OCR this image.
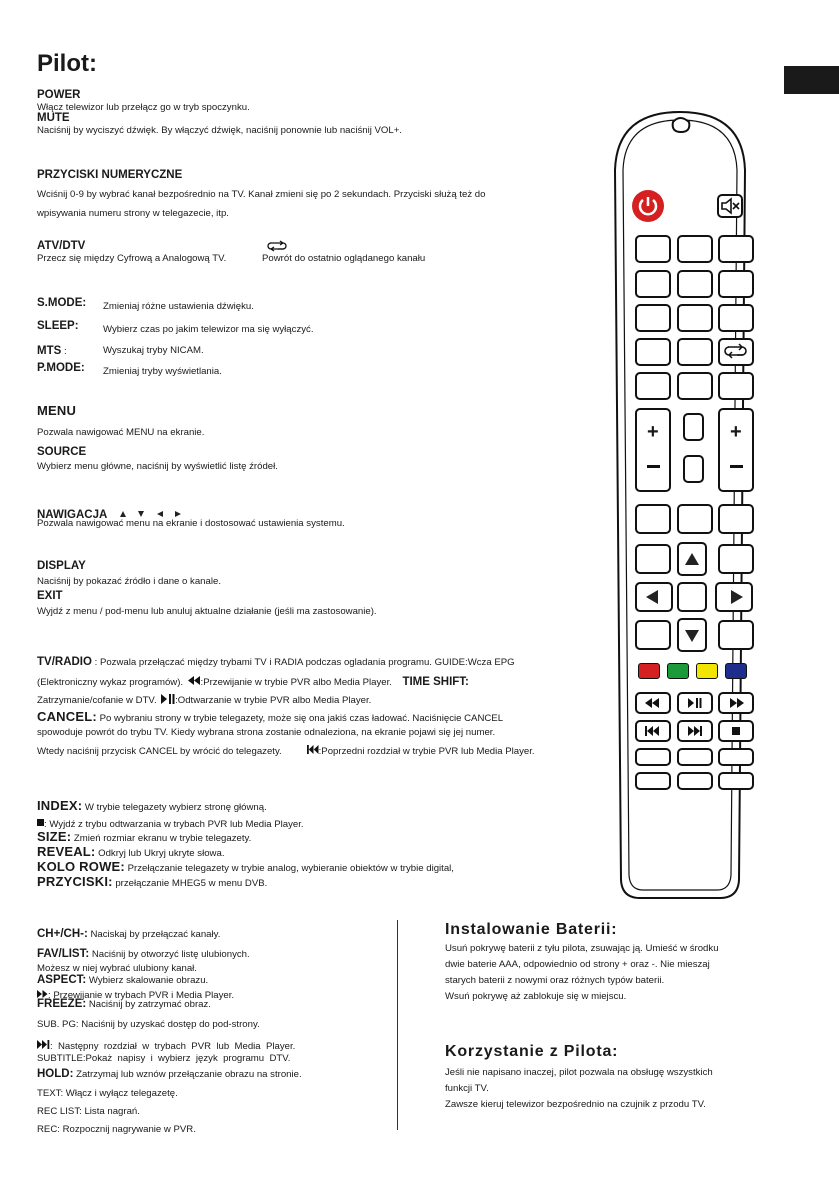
Pilot:
POWER
Włącz telewizor lub przełącz go w tryb spoczynku.
MUTE
Naciśnij by wyciszyć dźwięk. By włączyć dźwięk, naciśnij ponownie lub naciśnij VOL+.
PRZYCISKI NUMERYCZNE
Wciśnij 0-9 by wybrać kanał bezpośrednio na TV. Kanał zmieni się po 2 sekundach. Przyciski służą też do
wpisywania numeru strony w telegazecie, itp.
ATV/DTV
Przecz się między Cyfrową a Analogową TV.	Powrót do ostatnio oglądanego kanału
S.MODE: Zmieniaj różne ustawienia dźwięku.
SLEEP:	Wybierz czas po jakim telewizor ma się wyłączyć.
MTS :	Wyszukaj tryby NICAM.
P.MODE: Zmieniaj tryby wyświetlania.
MENU
Pozwala nawigować MENU na ekranie.
SOURCE
Wybierz menu główne, naciśnij by wyświetlić listę źródeł.
NAWIGACJA
Pozwala nawigować menu na ekranie i dostosować ustawienia systemu.
DISPLAY
Naciśnij by pokazać źródło i dane o kanale.
EXIT
Wyjdź z menu / pod-menu lub anuluj aktualne działanie (jeśli ma zastosowanie).
TV/RADIO : Pozwala przełączać między trybami TV i RADIA podczas ogladania programu. GUIDE:Wcza EPG
(Elektroniczny wykaz programów). :Przewijanie w trybie PVR albo Media Player. TIME SHIFT:
Zatrzymanie/cofanie w DTV. :Odtwarzanie w trybie PVR albo Media Player.
CANCEL: Po wybraniu strony w trybie telegazety, może się ona jakiś czas ładować. Naciśnięcie CANCEL
spowoduje powrót do trybu TV. Kiedy wybrana strona zostanie odnaleziona, na ekranie pojawi się jej numer.
Wtedy naciśnij przycisk CANCEL by wrócić do telegazety.	:Poprzedni rozdział w trybie PVR lub Media Player.
INDEX: W trybie telegazety wybierz stronę główną.
: Wyjdź z trybu odtwarzania w trybach PVR lub Media Player.
SIZE: Zmień rozmiar ekranu w trybie telegazety.
REVEAL: Odkryj lub Ukryj ukryte słowa.
KOLO ROWE: Przełączanie telegazety w trybie analog, wybieranie obiektów w trybie digital,
PRZYCISKI: przełączanie MHEG5 w menu DVB.
CH+/CH-: Naciskaj by przełączać kanały.
FAV/LIST: Naciśnij by otworzyć listę ulubionych.
Możesz w niej wybrać ulubiony kanał.
ASPECT: Wybierz skalowanie obrazu.
: Przewijanie w trybach PVR i Media Player.
FREEZE: Naciśnij by zatrzymać obraz.
SUB. PG: Naciśnij by uzyskać dostęp do pod-strony.
:  Następny  rozdział  w  trybach  PVR  lub  Media  Player.
SUBTITLE:Pokaż  napisy  i  wybierz  język  programu  DTV.
HOLD: Zatrzymaj lub wznów przełączanie obrazu na stronie.
TEXT: Włącz i wyłącz telegazetę.
REC LIST: Lista nagrań.
REC: Rozpocznij nagrywanie w PVR.
Instalowanie Baterii:
Usuń pokrywę baterii z tyłu pilota, zsuwając ją. Umieść w środku
dwie baterie AAA, odpowiednio od strony + oraz -. Nie mieszaj
starych baterii z nowymi oraz różnych typów baterii.
Wsuń pokrywę aż zablokuje się w miejscu.
Korzystanie z Pilota:
Jeśli nie napisano inaczej, pilot pozwala na obsługę wszystkich
funkcji TV.
Zawsze kieruj telewizor bezpośrednio na czujnik z przodu TV.
+	+
